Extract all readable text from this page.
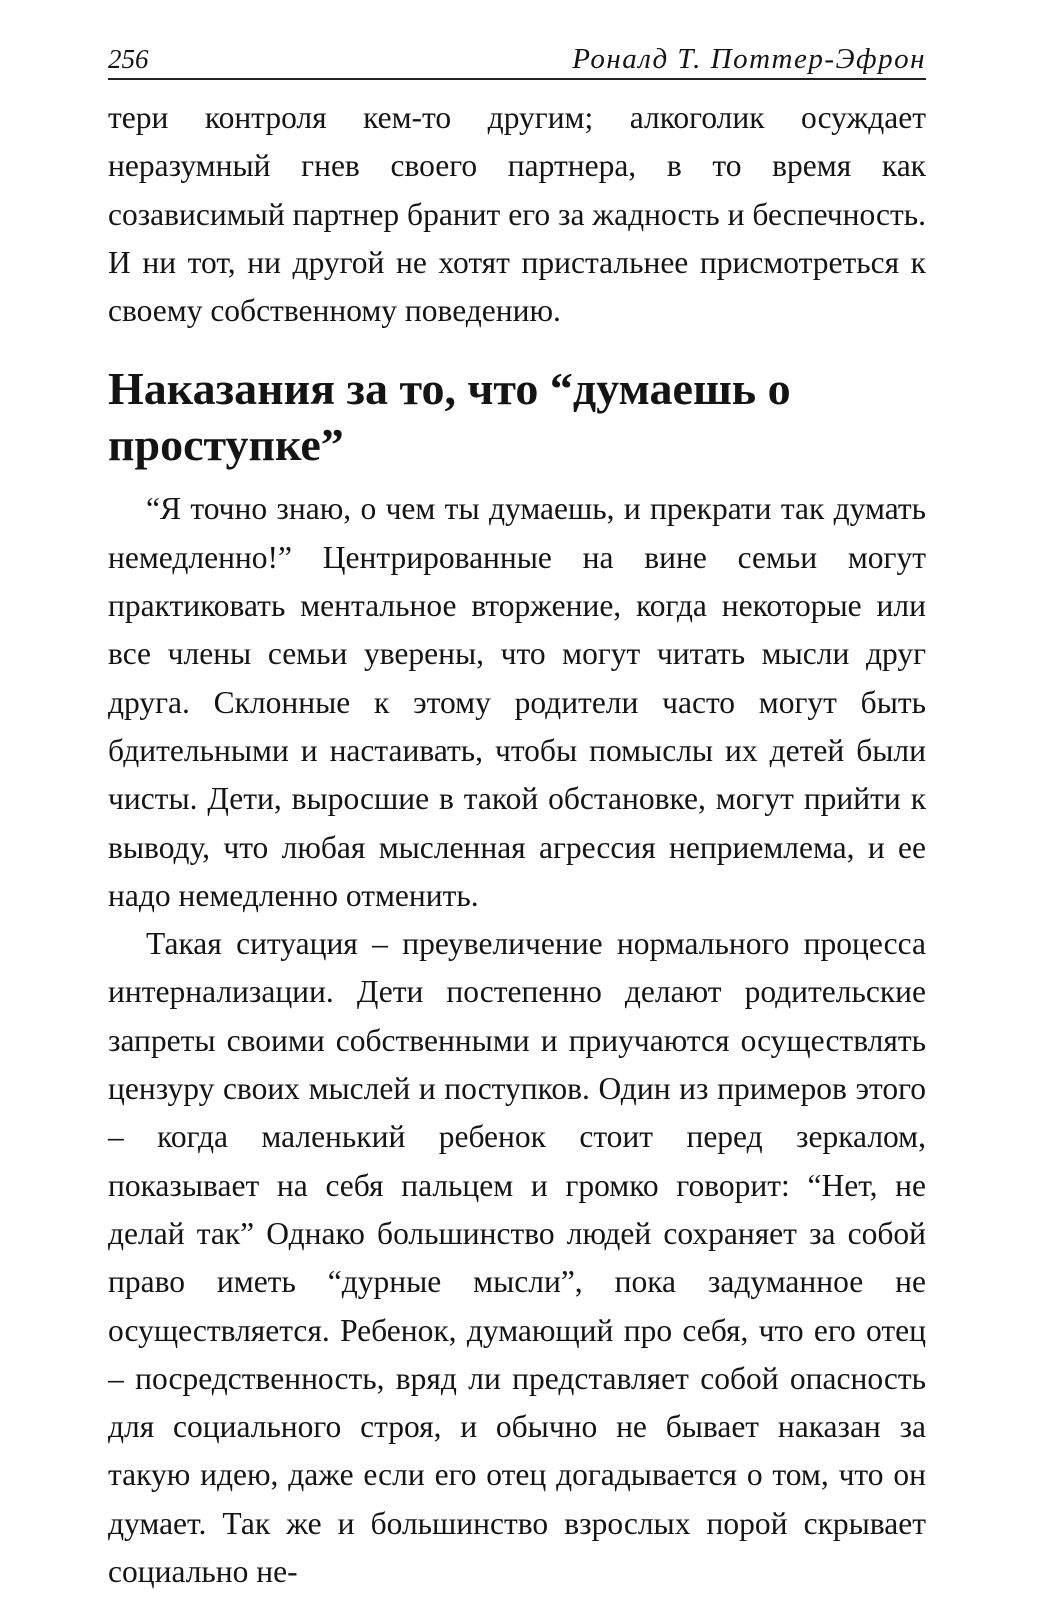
256	Роналд Т. Поттер-Эфрон

тери контроля кем-то другим; алкоголик осуждает неразумный гнев своего партнера, в то время как созависимый партнер бранит его за жадность и беспечность. И ни тот, ни другой не хотят пристальнее присмотреться к своему собственному поведению.

Наказания за то, что “думаешь о проступке”

“Я точно знаю, о чем ты думаешь, и прекрати так думать немедленно!” Центрированные на вине семьи могут практиковать ментальное вторжение, когда некоторые или все члены семьи уверены, что могут читать мысли друг друга. Склонные к этому родители часто могут быть бдительными и настаивать, чтобы помыслы их детей были чисты. Дети, выросшие в такой обстановке, могут прийти к выводу, что любая мысленная агрессия неприемлема, и ее надо немедленно отменить.

Такая ситуация – преувеличение нормального процесса интернализации. Дети постепенно делают родительские запреты своими собственными и приучаются осуществлять цензуру своих мыслей и поступков. Один из примеров этого – когда маленький ребенок стоит перед зеркалом, показывает на себя пальцем и громко говорит: “Нет, не делай так” Однако большинство людей сохраняет за собой право иметь “дурные мысли”, пока задуманное не осуществляется. Ребенок, думающий про себя, что его отец – посредственность, вряд ли представляет собой опасность для социального строя, и обычно не бывает наказан за такую идею, даже если его отец догадывается о том, что он думает. Так же и большинство взрослых порой скрывает социально не-
